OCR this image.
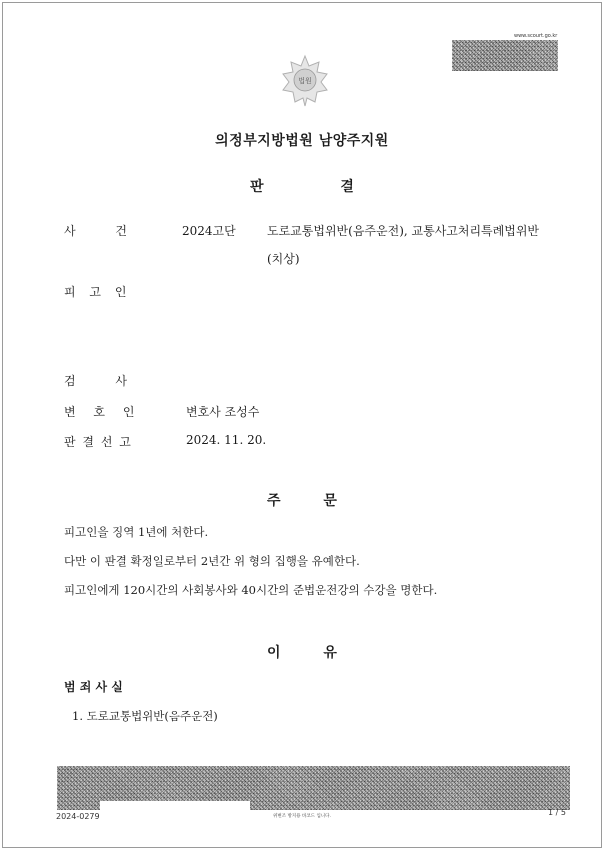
www.scourt.go.kr
법원
의정부지방법원 남양주지원
판 결
사 건	2024고단	도로교통법위반(음주운전), 교통사고처리특례법위반
(치상)
피 고 인
검 사
변 호 인	변호사 조성수
판 결 선 고	2024. 11. 20.
주 문
피고인을 징역 1년에 처한다.
다만 이 판결 확정일로부터 2년간 위 형의 집행을 유예한다.
피고인에게 120시간의 사회봉사와 40시간의 준법운전강의 수강을 명한다.
이 유
범 죄 사 실
1. 도로교통법위반(음주운전)
2024-0279	위변조 방지용 바코드 입니다.	1 / 5
